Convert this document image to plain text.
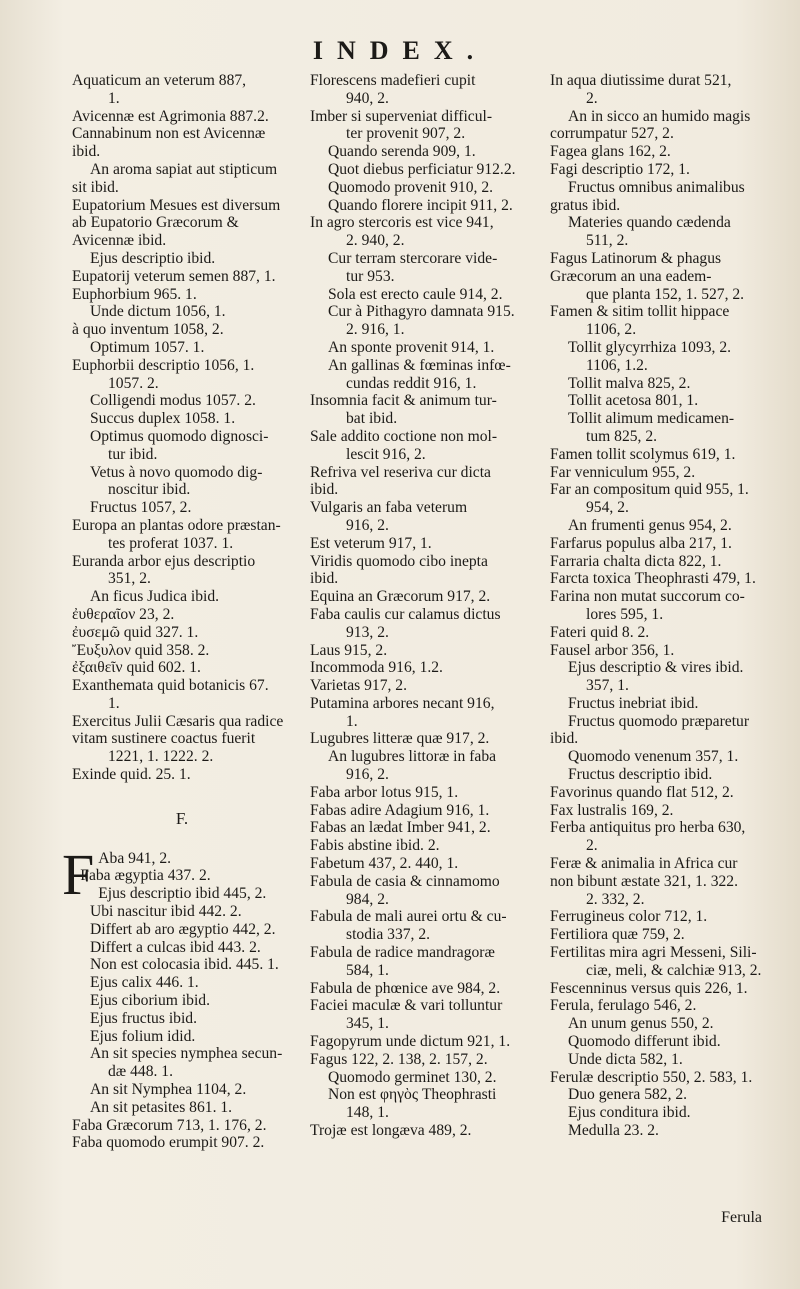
INDEX.
Aquaticum an veterum 887,
1.
Avicennæ est Agrimonia 887.2.
Cannabinum non est Avicennæ
ibid.
An aroma sapiat aut stipticum
sit ibid.
Eupatorium Mesues est diversum
ab Eupatorio Græcorum &
Avicennæ ibid.
Ejus descriptio ibid.
Eupatorij veterum semen 887, 1.
Euphorbium 965. 1.
Unde dictum 1056, 1.
à quo inventum 1058, 2.
Optimum 1057. 1.
Euphorbii descriptio 1056, 1.
1057. 2.
Colligendi modus 1057. 2.
Succus duplex 1058. 1.
Optimus quomodo dignosci-
tur ibid.
Vetus à novo quomodo dig-
noscitur ibid.
Fructus 1057, 2.
Europa an plantas odore præstan-
tes proferat 1037. 1.
Euranda arbor ejus descriptio
351, 2.
An ficus Judica ibid.
ἐυθεραῖον 23, 2.
ἐυσεμῶ quid 327. 1.
Ἔυξυλον quid 358. 2.
ἐξαιθεῖν quid 602. 1.
Exanthemata quid botanicis 67.
1.
Exercitus Julii Cæsaris qua radice
vitam sustinere coactus fuerit
1221, 1. 1222. 2.
Exinde quid. 25. 1.
F.
F Aba 941, 2.
Faba ægyptia 437. 2.
Ejus descriptio ibid 445, 2.
Ubi nascitur ibid 442. 2.
Differt ab aro ægyptio 442, 2.
Differt a culcas ibid 443. 2.
Non est colocasia ibid. 445. 1.
Ejus calix 446. 1.
Ejus ciborium ibid.
Ejus fructus ibid.
Ejus folium idid.
An sit species nymphea secun-
dæ 448. 1.
An sit Nymphea 1104, 2.
An sit petasites 861. 1.
Faba Græcorum 713, 1. 176, 2.
Faba quomodo erumpit 907. 2.
Florescens madefieri cupit
940, 2.
Imber si superveniat difficul-
ter provenit 907, 2.
Quando serenda 909, 1.
Quot diebus perficiatur 912.2.
Quomodo provenit 910, 2.
Quando florere incipit 911, 2.
In agro stercoris est vice 941,
2. 940, 2.
Cur terram stercorare vide-
tur 953.
Sola est erecto caule 914, 2.
Cur à Pithagyro damnata 915.
2. 916, 1.
An sponte provenit 914, 1.
An gallinas & fœminas infœ-
cundas reddit 916, 1.
Insomnia facit & animum tur-
bat ibid.
Sale addito coctione non mol-
lescit 916, 2.
Refriva vel reseriva cur dicta
ibid.
Vulgaris an faba veterum
916, 2.
Est veterum 917, 1.
Viridis quomodo cibo inepta
ibid.
Equina an Græcorum 917, 2.
Faba caulis cur calamus dictus
913, 2.
Laus 915, 2.
Incommoda 916, 1.2.
Varietas 917, 2.
Putamina arbores necant 916,
1.
Lugubres litteræ quæ 917, 2.
An lugubres littoræ in faba
916, 2.
Faba arbor lotus 915, 1.
Fabas adire Adagium 916, 1.
Fabas an lædat Imber 941, 2.
Fabis abstine ibid. 2.
Fabetum 437, 2. 440, 1.
Fabula de casia & cinnamomo
984, 2.
Fabula de mali aurei ortu & cu-
stodia 337, 2.
Fabula de radice mandragoræ
584, 1.
Fabula de phœnice ave 984, 2.
Faciei maculæ & vari tolluntur
345, 1.
Fagopyrum unde dictum 921, 1.
Fagus 122, 2. 138, 2. 157, 2.
Quomodo germinet 130, 2.
Non est φηγὸς Theophrasti
148, 1.
Trojæ est longæva 489, 2.
In aqua diutissime durat 521,
2.
An in sicco an humido magis
corrumpatur 527, 2.
Fagea glans 162, 2.
Fagi descriptio 172, 1.
Fructus omnibus animalibus
gratus ibid.
Materies quando cædenda
511, 2.
Fagus Latinorum & phagus
Græcorum an una eadem-
que planta 152, 1. 527, 2.
Famen & sitim tollit hippace
1106, 2.
Tollit glycyrrhiza 1093, 2.
1106, 1.2.
Tollit malva 825, 2.
Tollit acetosa 801, 1.
Tollit alimum medicamen-
tum 825, 2.
Famen tollit scolymus 619, 1.
Far venniculum 955, 2.
Far an compositum quid 955, 1.
954, 2.
An frumenti genus 954, 2.
Farfarus populus alba 217, 1.
Farraria chalta dicta 822, 1.
Farcta toxica Theophrasti 479, 1.
Farina non mutat succorum co-
lores 595, 1.
Fateri quid 8. 2.
Fausel arbor 356, 1.
Ejus descriptio & vires ibid.
357, 1.
Fructus inebriat ibid.
Fructus quomodo præparetur
ibid.
Quomodo venenum 357, 1.
Fructus descriptio ibid.
Favorinus quando flat 512, 2.
Fax lustralis 169, 2.
Ferba antiquitus pro herba 630,
2.
Feræ & animalia in Africa cur
non bibunt æstate 321, 1. 322.
2. 332, 2.
Ferrugineus color 712, 1.
Fertiliora quæ 759, 2.
Fertilitas mira agri Messeni, Sili-
ciæ, meli, & calchiæ 913, 2.
Fescenninus versus quis 226, 1.
Ferula, ferulago 546, 2.
An unum genus 550, 2.
Quomodo differunt ibid.
Unde dicta 582, 1.
Ferulæ descriptio 550, 2. 583, 1.
Duo genera 582, 2.
Ejus conditura ibid.
Medulla 23. 2.
Ferula
